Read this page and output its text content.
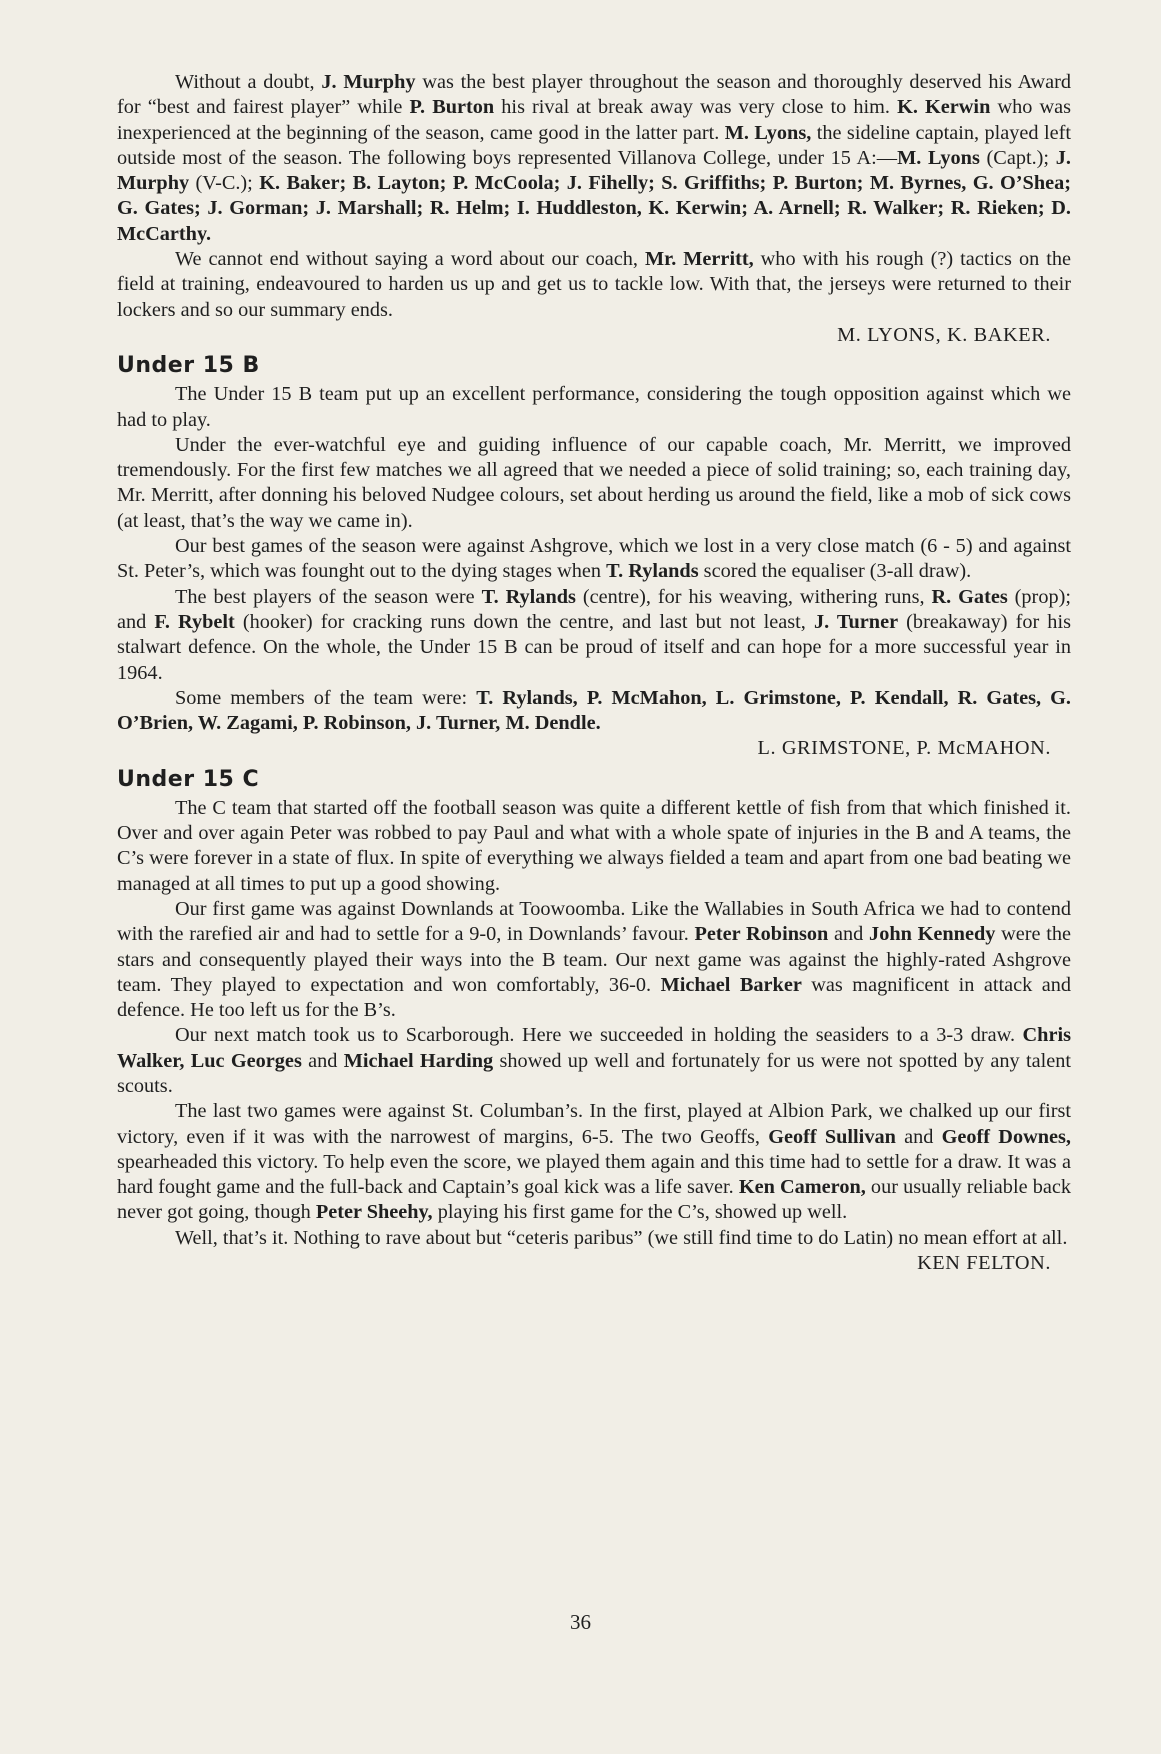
Without a doubt, J. Murphy was the best player throughout the season and thoroughly deserved his Award for “best and fairest player” while P. Burton his rival at break away was very close to him. K. Kerwin who was inexperienced at the beginning of the season, came good in the latter part. M. Lyons, the sideline captain, played left outside most of the season. The following boys represented Villanova College, under 15 A:—M. Lyons (Capt.); J. Murphy (V-C.); K. Baker; B. Layton; P. McCoola; J. Fihelly; S. Griffiths; P. Burton; M. Byrnes, G. O’Shea; G. Gates; J. Gorman; J. Marshall; R. Helm; I. Huddleston, K. Kerwin; A. Arnell; R. Walker; R. Rieken; D. McCarthy.

We cannot end without saying a word about our coach, Mr. Merritt, who with his rough (?) tactics on the field at training, endeavoured to harden us up and get us to tackle low. With that, the jerseys were returned to their lockers and so our summary ends.

M. LYONS, K. BAKER.

Under 15 B

The Under 15 B team put up an excellent performance, considering the tough opposition against which we had to play.

Under the ever-watchful eye and guiding influence of our capable coach, Mr. Merritt, we improved tremendously. For the first few matches we all agreed that we needed a piece of solid training; so, each training day, Mr. Merritt, after donning his beloved Nudgee colours, set about herding us around the field, like a mob of sick cows (at least, that’s the way we came in).

Our best games of the season were against Ashgrove, which we lost in a very close match (6 - 5) and against St. Peter’s, which was founght out to the dying stages when T. Rylands scored the equaliser (3-all draw).

The best players of the season were T. Rylands (centre), for his weaving, withering runs, R. Gates (prop); and F. Rybelt (hooker) for cracking runs down the centre, and last but not least, J. Turner (breakaway) for his stalwart defence. On the whole, the Under 15 B can be proud of itself and can hope for a more successful year in 1964.

Some members of the team were: T. Rylands, P. McMahon, L. Grimstone, P. Kendall, R. Gates, G. O’Brien, W. Zagami, P. Robinson, J. Turner, M. Dendle.

L. GRIMSTONE, P. McMAHON.

Under 15 C

The C team that started off the football season was quite a different kettle of fish from that which finished it. Over and over again Peter was robbed to pay Paul and what with a whole spate of injuries in the B and A teams, the C’s were forever in a state of flux. In spite of everything we always fielded a team and apart from one bad beating we managed at all times to put up a good showing.

Our first game was against Downlands at Toowoomba. Like the Wallabies in South Africa we had to contend with the rarefied air and had to settle for a 9-0, in Downlands’ favour. Peter Robinson and John Kennedy were the stars and consequently played their ways into the B team. Our next game was against the highly-rated Ashgrove team. They played to expectation and won comfortably, 36-0. Michael Barker was magnificent in attack and defence. He too left us for the B’s.

Our next match took us to Scarborough. Here we succeeded in holding the seasiders to a 3-3 draw. Chris Walker, Luc Georges and Michael Harding showed up well and fortunately for us were not spotted by any talent scouts.

The last two games were against St. Columban’s. In the first, played at Albion Park, we chalked up our first victory, even if it was with the narrowest of margins, 6-5. The two Geoffs, Geoff Sullivan and Geoff Downes, spearheaded this victory. To help even the score, we played them again and this time had to settle for a draw. It was a hard fought game and the full-back and Captain’s goal kick was a life saver. Ken Cameron, our usually reliable back never got going, though Peter Sheehy, playing his first game for the C’s, showed up well.

Well, that’s it. Nothing to rave about but “ceteris paribus” (we still find time to do Latin) no mean effort at all.

KEN FELTON.

36
